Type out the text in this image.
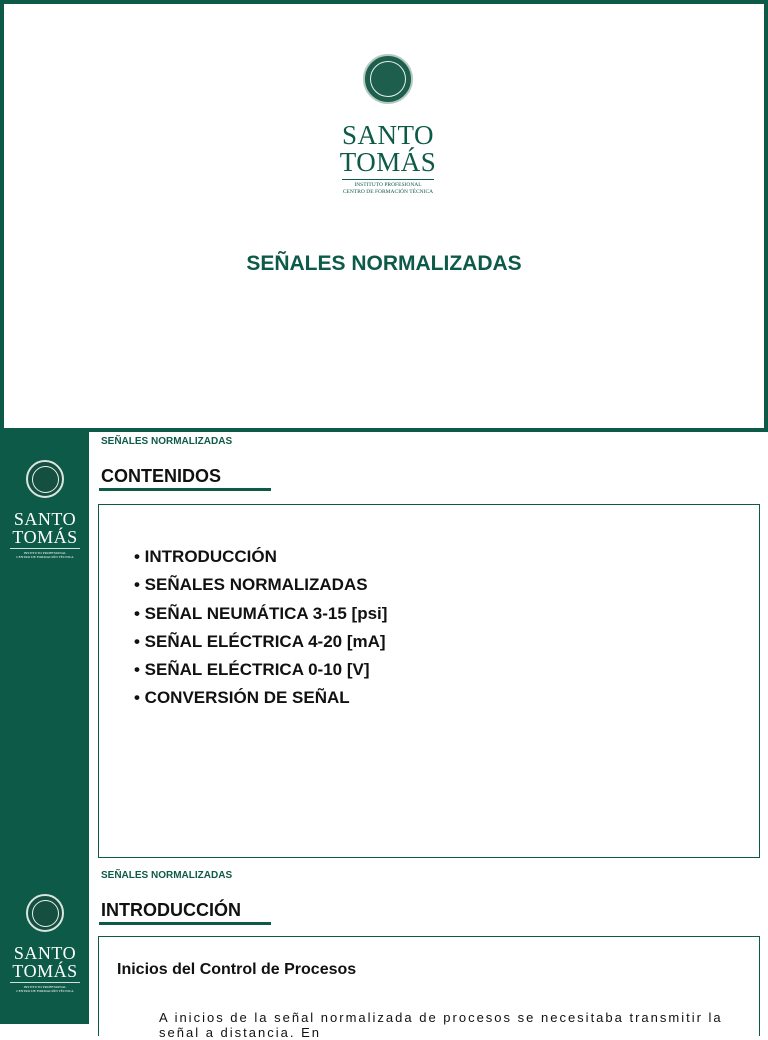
SANTO
TOMÁS
INSTITUTO PROFESIONAL
CENTRO DE FORMACIÓN TÉCNICA
SEÑALES NORMALIZADAS
SANTO
TOMÁS
INSTITUTO PROFESIONAL
CENTRO DE FORMACIÓN TÉCNICA
SEÑALES NORMALIZADAS
CONTENIDOS
• INTRODUCCIÓN
• SEÑALES NORMALIZADAS
• SEÑAL NEUMÁTICA 3-15 [psi]
• SEÑAL ELÉCTRICA 4-20 [mA]
• SEÑAL ELÉCTRICA 0-10 [V]
• CONVERSIÓN DE SEÑAL
SANTO
TOMÁS
INSTITUTO PROFESIONAL
CENTRO DE FORMACIÓN TÉCNICA
SEÑALES NORMALIZADAS
INTRODUCCIÓN
Inicios del Control de Procesos
A inicios de la señal normalizada de procesos se necesitaba transmitir la señal a distancia. En
